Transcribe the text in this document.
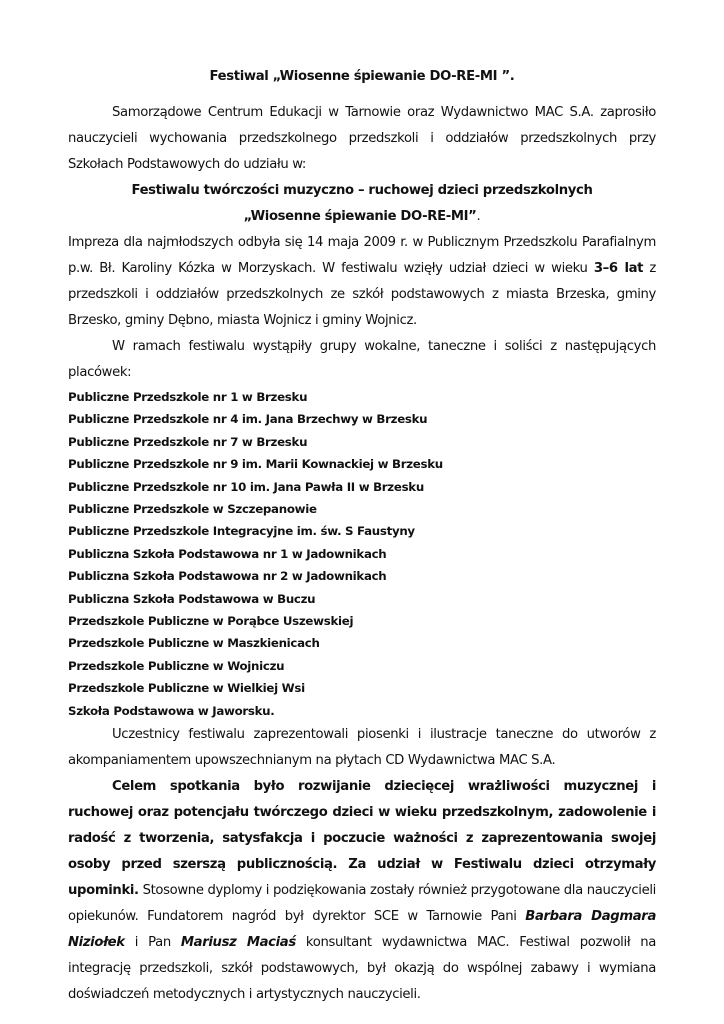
Festiwal „Wiosenne śpiewanie DO-RE-MI ”.

Samorządowe Centrum Edukacji w Tarnowie oraz Wydawnictwo MAC S.A. zaprosiło nauczycieli wychowania przedszkolnego przedszkoli i oddziałów przedszkolnych przy Szkołach Podstawowych do udziału w:

Festiwalu twórczości muzyczno – ruchowej dzieci przedszkolnych

„Wiosenne śpiewanie DO-RE-MI”.

Impreza dla najmłodszych odbyła się 14 maja 2009 r. w Publicznym Przedszkolu Parafialnym p.w. Bł. Karoliny Kózka w Morzyskach. W festiwalu wzięły udział dzieci w wieku 3–6 lat z przedszkoli i oddziałów przedszkolnych ze szkół podstawowych z miasta Brzeska, gminy Brzesko, gminy Dębno, miasta Wojnicz i gminy Wojnicz.

W ramach festiwalu wystąpiły grupy wokalne, taneczne i soliści z następujących placówek:

Publiczne Przedszkole nr 1 w Brzesku
Publiczne Przedszkole nr 4 im. Jana Brzechwy w Brzesku
Publiczne Przedszkole nr 7 w Brzesku
Publiczne Przedszkole nr 9 im. Marii Kownackiej w Brzesku
Publiczne Przedszkole nr 10 im. Jana Pawła II w Brzesku
Publiczne Przedszkole w Szczepanowie
Publiczne Przedszkole Integracyjne im. św. S Faustyny
Publiczna Szkoła Podstawowa nr 1 w Jadownikach
Publiczna Szkoła Podstawowa nr 2 w Jadownikach
Publiczna Szkoła Podstawowa w Buczu
Przedszkole Publiczne w Porąbce Uszewskiej
Przedszkole Publiczne w Maszkienicach
Przedszkole Publiczne w Wojniczu
Przedszkole Publiczne w Wielkiej Wsi
Szkoła Podstawowa w Jaworsku.

Uczestnicy festiwalu zaprezentowali piosenki i ilustracje taneczne do utworów z akompaniamentem upowszechnianym na płytach CD Wydawnictwa MAC S.A.

Celem spotkania było rozwijanie dziecięcej wrażliwości muzycznej i ruchowej oraz potencjału twórczego dzieci w wieku przedszkolnym, zadowolenie i radość z tworzenia, satysfakcja i poczucie ważności z zaprezentowania swojej osoby przed szerszą publicznością. Za udział w Festiwalu dzieci otrzymały upominki. Stosowne dyplomy i podziękowania zostały również przygotowane dla nauczycieli opiekunów. Fundatorem nagród był dyrektor SCE w Tarnowie Pani Barbara Dagmara Niziołek i Pan Mariusz Maciaś konsultant wydawnictwa MAC. Festiwal pozwolił na integrację przedszkoli, szkół podstawowych, był okazją do wspólnej zabawy i wymiana doświadczeń metodycznych i artystycznych nauczycieli.
